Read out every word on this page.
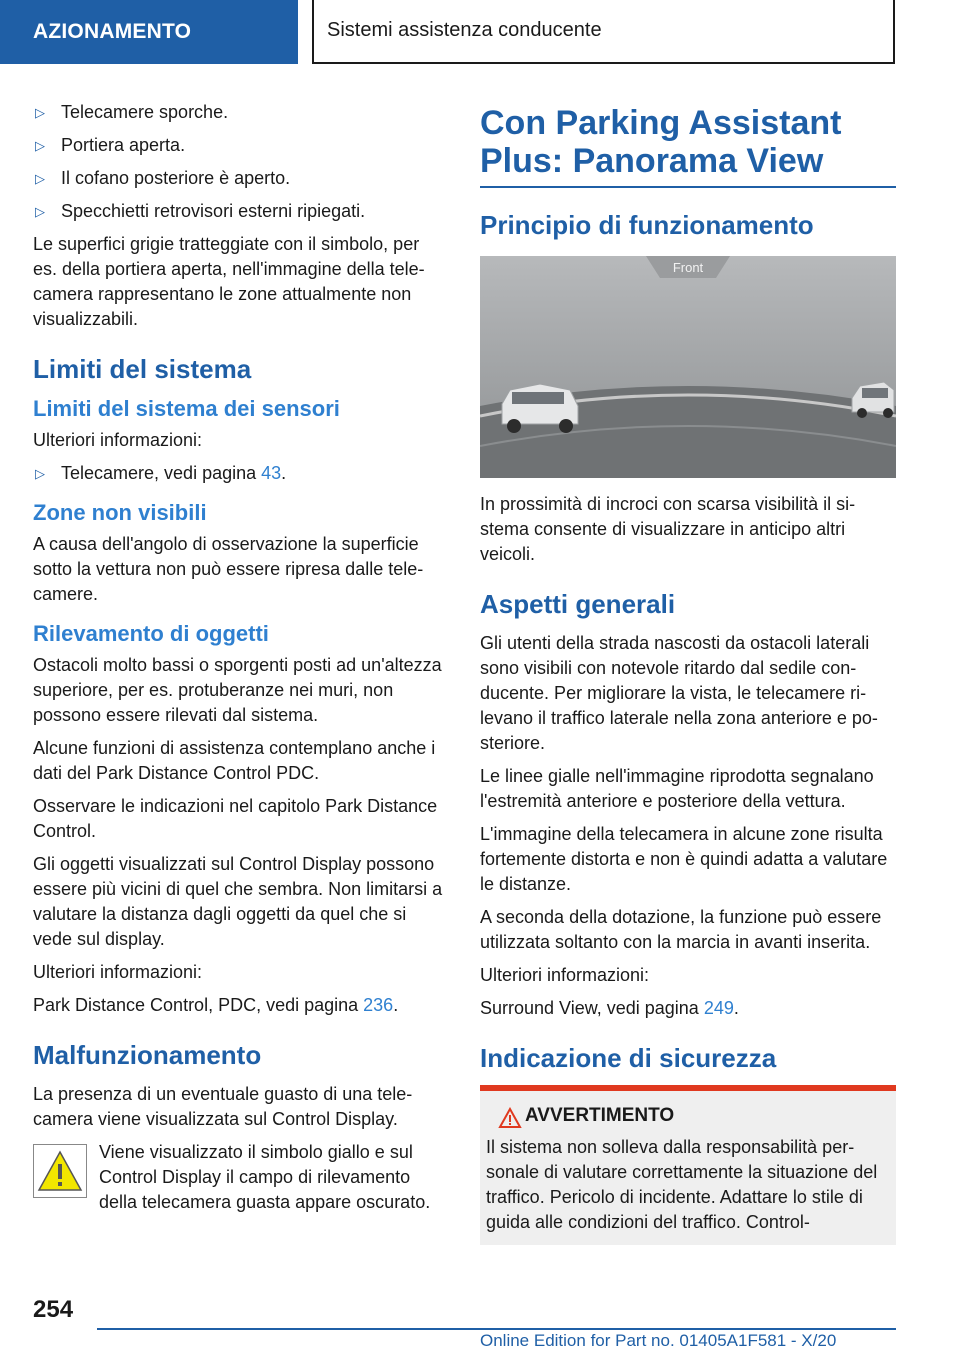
AZIONAMENTO	Sistemi assistenza conducente
▷ Telecamere sporche.
▷ Portiera aperta.
▷ Il cofano posteriore è aperto.
▷ Specchietti retrovisori esterni ripiegati.

Le superfici grigie tratteggiate con il simbolo, per es. della portiera aperta, nell'immagine della telecamera rappresentano le zone attualmente non visualizzabili.

Limiti del sistema
Limiti del sistema dei sensori

Ulteriori informazioni:

▷ Telecamere, vedi pagina 43.
Zone non visibili

A causa dell'angolo di osservazione la superficie sotto la vettura non può essere ripresa dalle telecamere.

Rilevamento di oggetti

Ostacoli molto bassi o sporgenti posti ad un'altezza superiore, per es. protuberanze nei muri, non possono essere rilevati dal sistema.

Alcune funzioni di assistenza contemplano anche i dati del Park Distance Control PDC.

Osservare le indicazioni nel capitolo Park Distance Control.

Gli oggetti visualizzati sul Control Display possono essere più vicini di quel che sembra. Non limitarsi a valutare la distanza dagli oggetti da quel che si vede sul display.

Ulteriori informazioni:

Park Distance Control, PDC, vedi pagina 236.

Malfunzionamento

La presenza di un eventuale guasto di una telecamera viene visualizzata sul Control Display.

Viene visualizzato il simbolo giallo e sul Control Display il campo di rilevamento della telecamera guasta appare oscurato.

Con Parking Assistant Plus: Panorama View
Principio di funzionamento
Front

In prossimità di incroci con scarsa visibilità il sistema consente di visualizzare in anticipo altri veicoli.

Aspetti generali

Gli utenti della strada nascosti da ostacoli laterali sono visibili con notevole ritardo dal sedile conducente. Per migliorare la vista, le telecamere rilevano il traffico laterale nella zona anteriore e posteriore.

Le linee gialle nell'immagine riprodotta segnalano l'estremità anteriore e posteriore della vettura.

L'immagine della telecamera in alcune zone risulta fortemente distorta e non è quindi adatta a valutare le distanze.

A seconda della dotazione, la funzione può essere utilizzata soltanto con la marcia in avanti inserita.

Ulteriori informazioni:

Surround View, vedi pagina 249.

Indicazione di sicurezza
AVVERTIMENTO

Il sistema non solleva dalla responsabilità personale di valutare correttamente la situazione del traffico. Pericolo di incidente. Adattare lo stile di guida alle condizioni del traffico. Control-

254
Online Edition for Part no. 01405A1F581 - X/20
